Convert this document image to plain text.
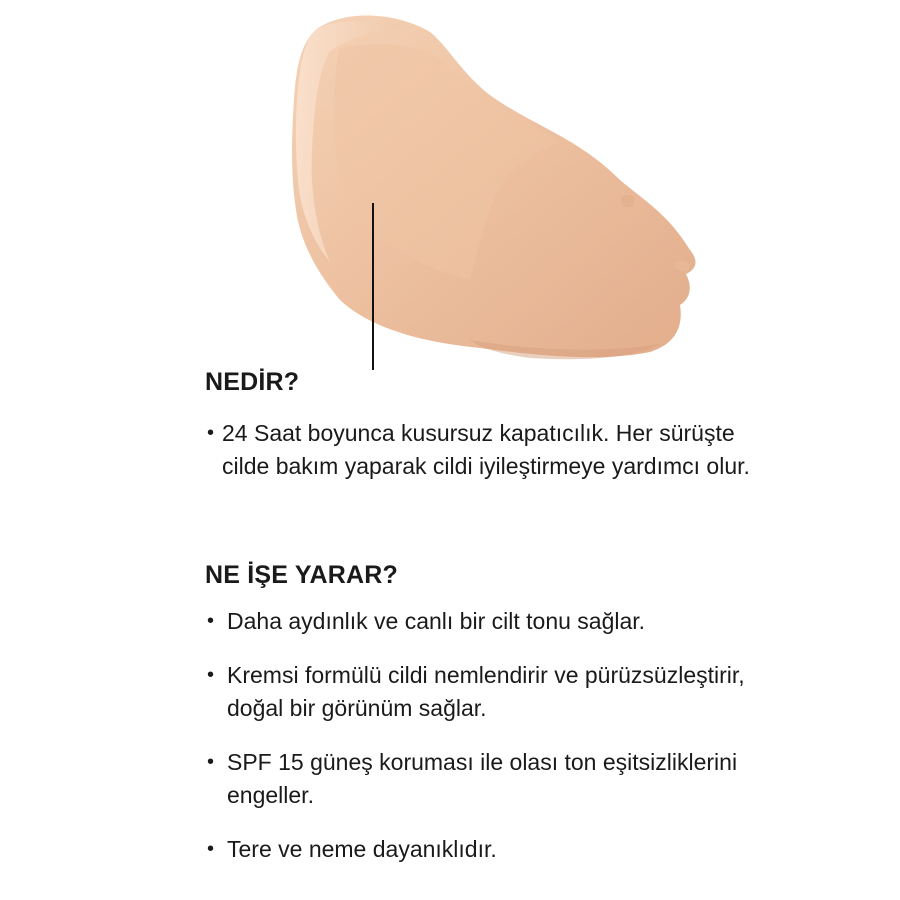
NEDİR?
• 24 Saat boyunca kusursuz kapatıcılık. Her sürüşte cilde bakım yaparak cildi iyileştirmeye yardımcı olur.
NE İŞE YARAR?
• Daha aydınlık ve canlı bir cilt tonu sağlar.
• Kremsi formülü cildi nemlendirir ve pürüzsüzleştirir, doğal bir görünüm sağlar.
• SPF 15 güneş koruması ile olası ton eşitsizliklerini engeller.
• Tere ve neme dayanıklıdır.
